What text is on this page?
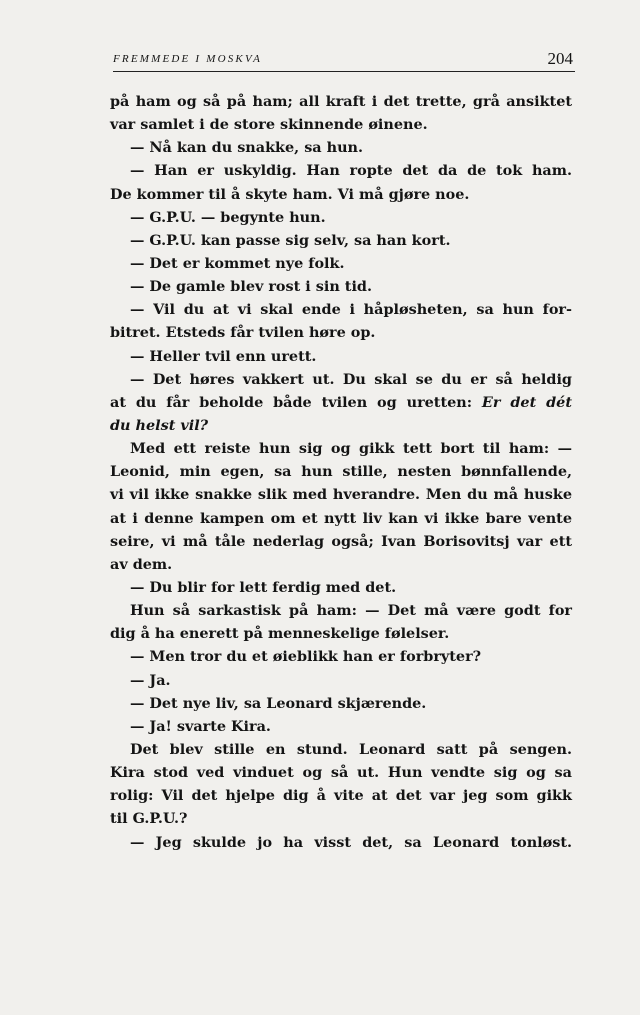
FREMMEDE I MOSKVA	204
på ham og så på ham; all kraft i det trette, grå ansiktet
var samlet i de store skinnende øinene.
— Nå kan du snakke, sa hun.
— Han er uskyldig. Han ropte det da de tok ham.
De kommer til å skyte ham. Vi må gjøre noe.
— G.P.U. — begynte hun.
— G.P.U. kan passe sig selv, sa han kort.
— Det er kommet nye folk.
— De gamle blev rost i sin tid.
— Vil du at vi skal ende i håpløsheten, sa hun for-
bitret. Etsteds får tvilen høre op.
— Heller tvil enn urett.
— Det høres vakkert ut. Du skal se du er så heldig
at du får beholde både tvilen og uretten: Er det dét
du helst vil?
Med ett reiste hun sig og gikk tett bort til ham: —
Leonid, min egen, sa hun stille, nesten bønnfallende,
vi vil ikke snakke slik med hverandre. Men du må huske
at i denne kampen om et nytt liv kan vi ikke bare vente
seire, vi må tåle nederlag også; Ivan Borisovitsj var ett
av dem.
— Du blir for lett ferdig med det.
Hun så sarkastisk på ham: — Det må være godt for
dig å ha enerett på menneskelige følelser.
— Men tror du et øieblikk han er forbryter?
— Ja.
— Det nye liv, sa Leonard skjærende.
— Ja! svarte Kira.
Det blev stille en stund. Leonard satt på sengen.
Kira stod ved vinduet og så ut. Hun vendte sig og sa
rolig: Vil det hjelpe dig å vite at det var jeg som gikk
til G.P.U.?
— Jeg skulde jo ha visst det, sa Leonard tonløst.
